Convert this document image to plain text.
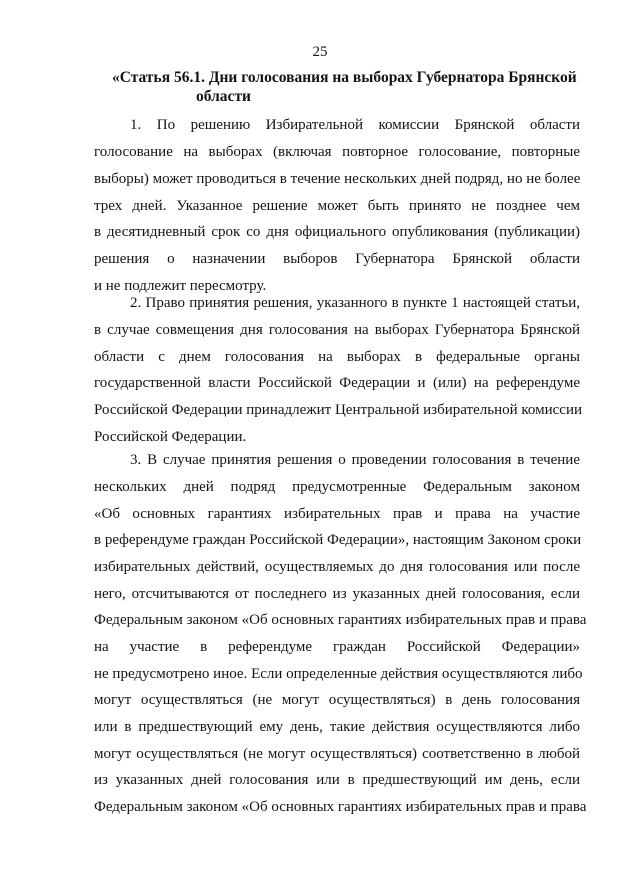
25
«Статья 56.1. Дни голосования на выборах Губернатора Брянской
области
1. По решению Избирательной комиссии Брянской области
голосование на выборах (включая повторное голосование, повторные
выборы) может проводиться в течение нескольких дней подряд, но не более
трех дней. Указанное решение может быть принято не позднее чем
в десятидневный срок со дня официального опубликования (публикации)
решения о назначении выборов Губернатора Брянской области
и не подлежит пересмотру.
2. Право принятия решения, указанного в пункте 1 настоящей статьи,
в случае совмещения дня голосования на выборах Губернатора Брянской
области с днем голосования на выборах в федеральные органы
государственной власти Российской Федерации и (или) на референдуме
Российской Федерации принадлежит Центральной избирательной комиссии
Российской Федерации.
3. В случае принятия решения о проведении голосования в течение
нескольких дней подряд предусмотренные Федеральным законом
«Об основных гарантиях избирательных прав и права на участие
в референдуме граждан Российской Федерации», настоящим Законом сроки
избирательных действий, осуществляемых до дня голосования или после
него, отсчитываются от последнего из указанных дней голосования, если
Федеральным законом «Об основных гарантиях избирательных прав и права
на участие в референдуме граждан Российской Федерации»
не предусмотрено иное. Если определенные действия осуществляются либо
могут осуществляться (не могут осуществляться) в день голосования
или в предшествующий ему день, такие действия осуществляются либо
могут осуществляться (не могут осуществляться) соответственно в любой
из указанных дней голосования или в предшествующий им день, если
Федеральным законом «Об основных гарантиях избирательных прав и права
